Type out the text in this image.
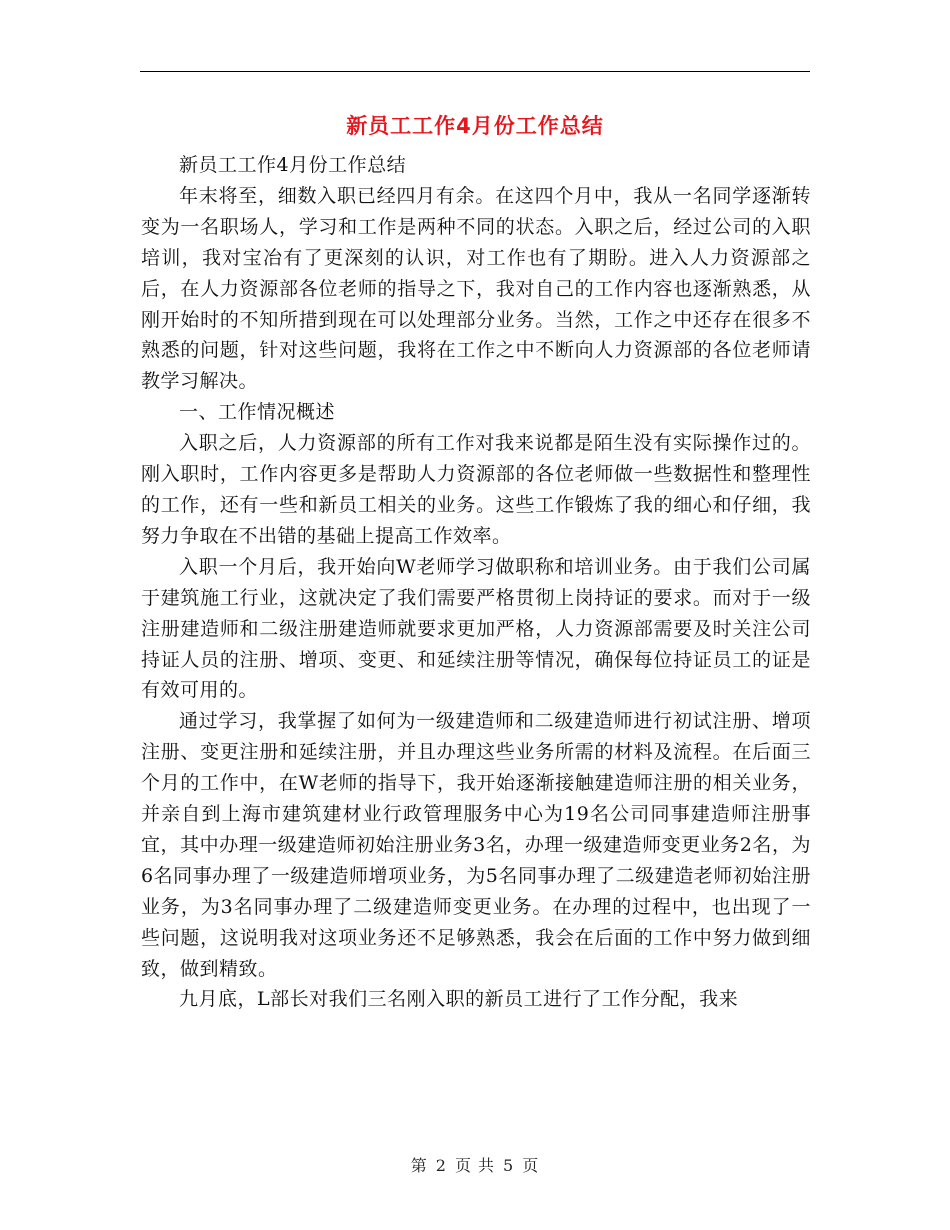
新员工工作4月份工作总结

新员工工作4月份工作总结

年末将至，细数入职已经四月有余。在这四个月中，我从一名同学逐渐转变为一名职场人，学习和工作是两种不同的状态。入职之后，经过公司的入职培训，我对宝冶有了更深刻的认识，对工作也有了期盼。进入人力资源部之后，在人力资源部各位老师的指导之下，我对自己的工作内容也逐渐熟悉，从刚开始时的不知所措到现在可以处理部分业务。当然，工作之中还存在很多不熟悉的问题，针对这些问题，我将在工作之中不断向人力资源部的各位老师请教学习解决。

一、工作情况概述

入职之后，人力资源部的所有工作对我来说都是陌生没有实际操作过的。刚入职时，工作内容更多是帮助人力资源部的各位老师做一些数据性和整理性的工作，还有一些和新员工相关的业务。这些工作锻炼了我的细心和仔细，我努力争取在不出错的基础上提高工作效率。

入职一个月后，我开始向W老师学习做职称和培训业务。由于我们公司属于建筑施工行业，这就决定了我们需要严格贯彻上岗持证的要求。而对于一级注册建造师和二级注册建造师就要求更加严格，人力资源部需要及时关注公司持证人员的注册、增项、变更、和延续注册等情况，确保每位持证员工的证是有效可用的。

通过学习，我掌握了如何为一级建造师和二级建造师进行初试注册、增项注册、变更注册和延续注册，并且办理这些业务所需的材料及流程。在后面三个月的工作中，在W老师的指导下，我开始逐渐接触建造师注册的相关业务，并亲自到上海市建筑建材业行政管理服务中心为19名公司同事建造师注册事宜，其中办理一级建造师初始注册业务3名，办理一级建造师变更业务2名，为6名同事办理了一级建造师增项业务，为5名同事办理了二级建造老师初始注册业务，为3名同事办理了二级建造师变更业务。在办理的过程中，也出现了一些问题，这说明我对这项业务还不足够熟悉，我会在后面的工作中努力做到细致，做到精致。

九月底，L部长对我们三名刚入职的新员工进行了工作分配，我来

第 2 页 共 5 页
